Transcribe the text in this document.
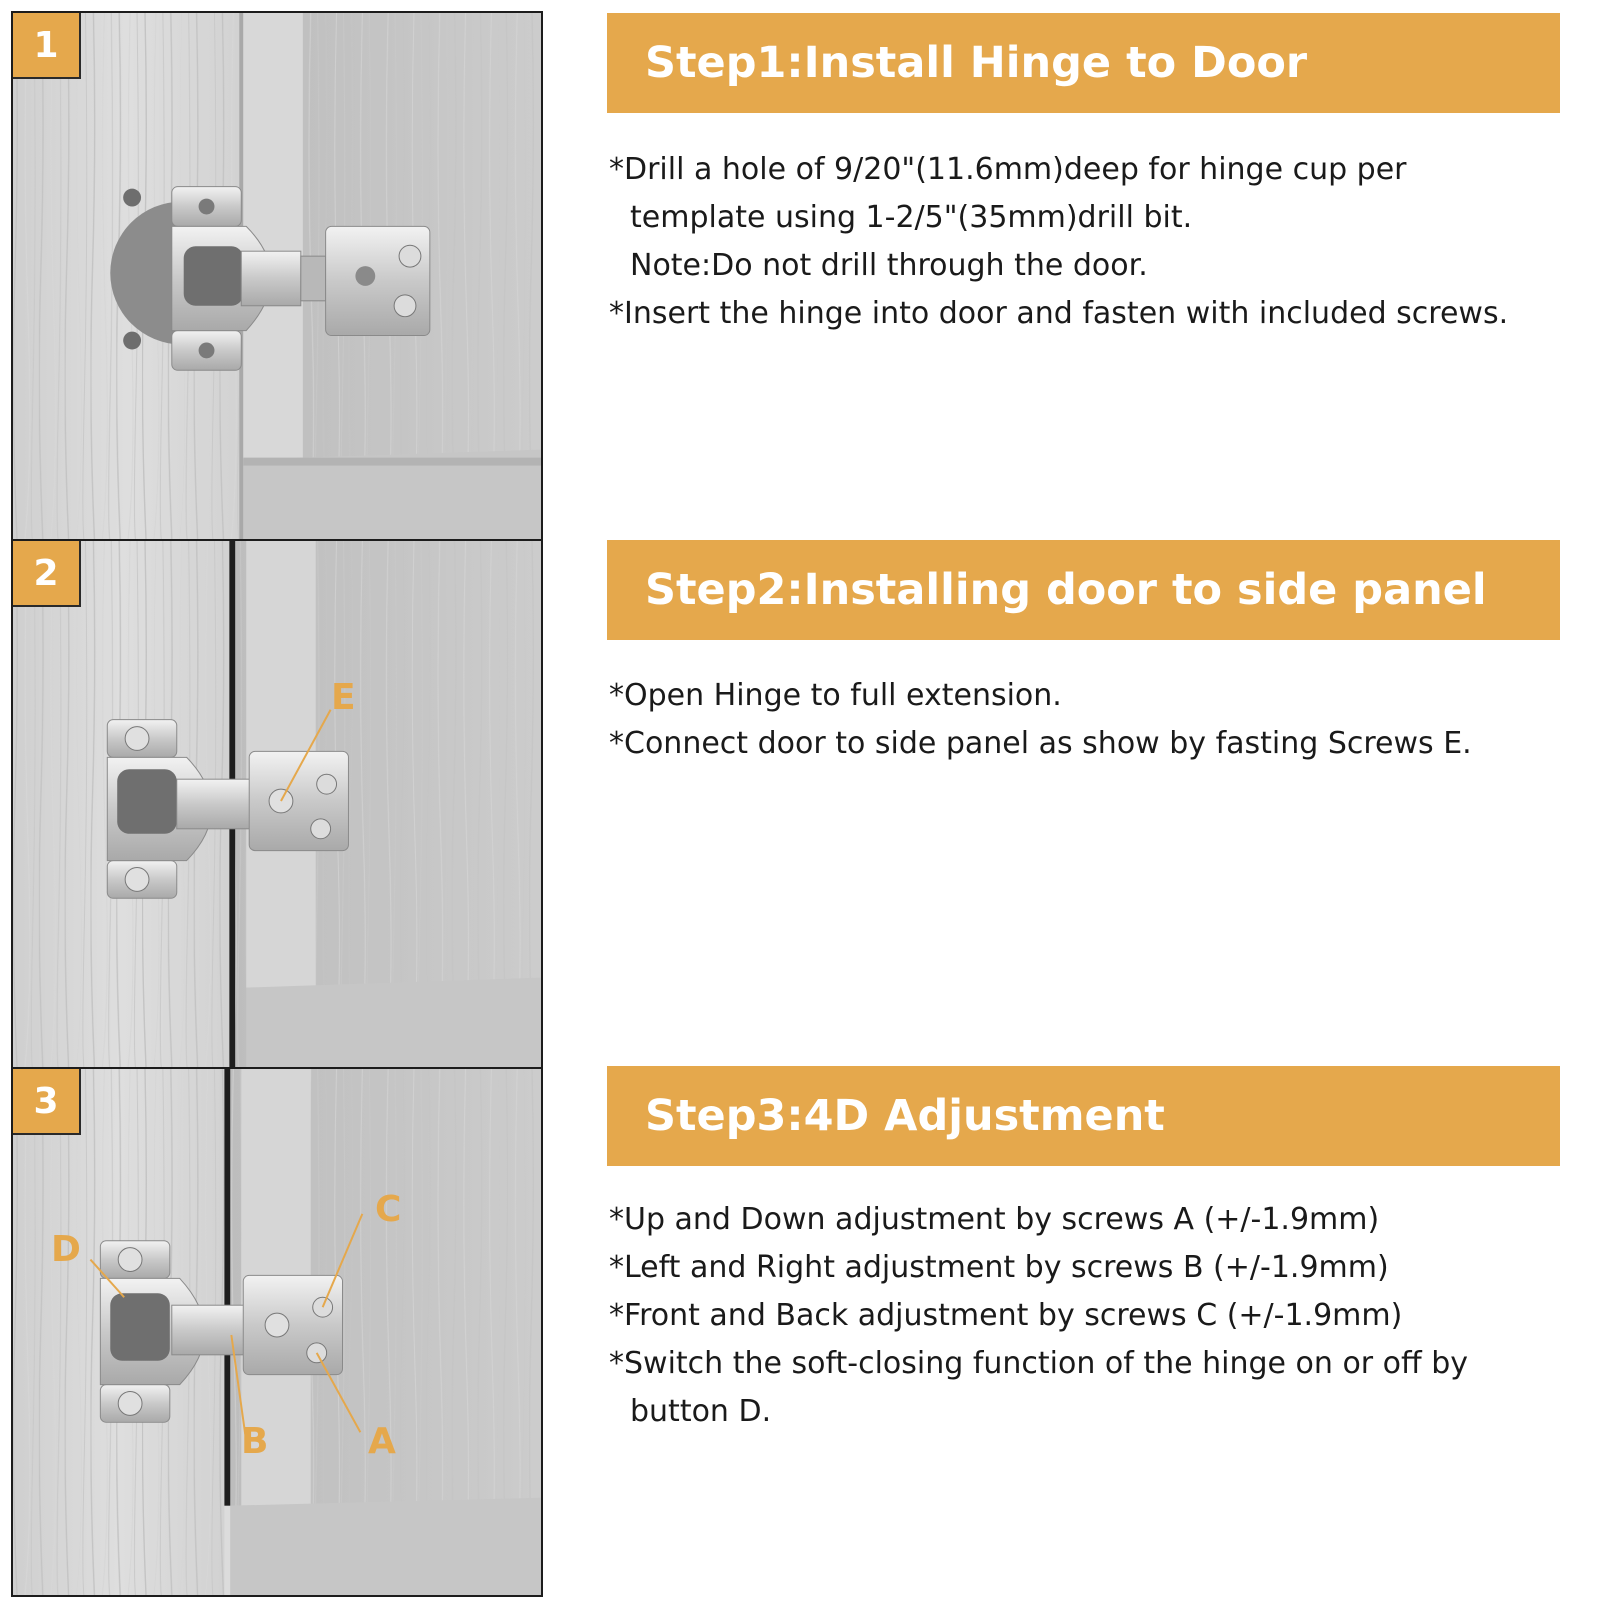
1
2
E
3
C
D
B	A
Step1:Install Hinge to Door
*Drill a hole of 9/20"(11.6mm)deep for hinge cup per
template using 1-2/5"(35mm)drill bit.
Note:Do not drill through the door.
*Insert the hinge into door and fasten with included screws.
Step2:Installing door to side panel
*Open Hinge to full extension.
*Connect door to side panel as show by fasting Screws E.
Step3:4D Adjustment
*Up and Down adjustment by screws A (+/-1.9mm)
*Left and Right adjustment by screws B (+/-1.9mm)
*Front and Back adjustment by screws C (+/-1.9mm)
*Switch the soft-closing function of the hinge on or off by
button D.
